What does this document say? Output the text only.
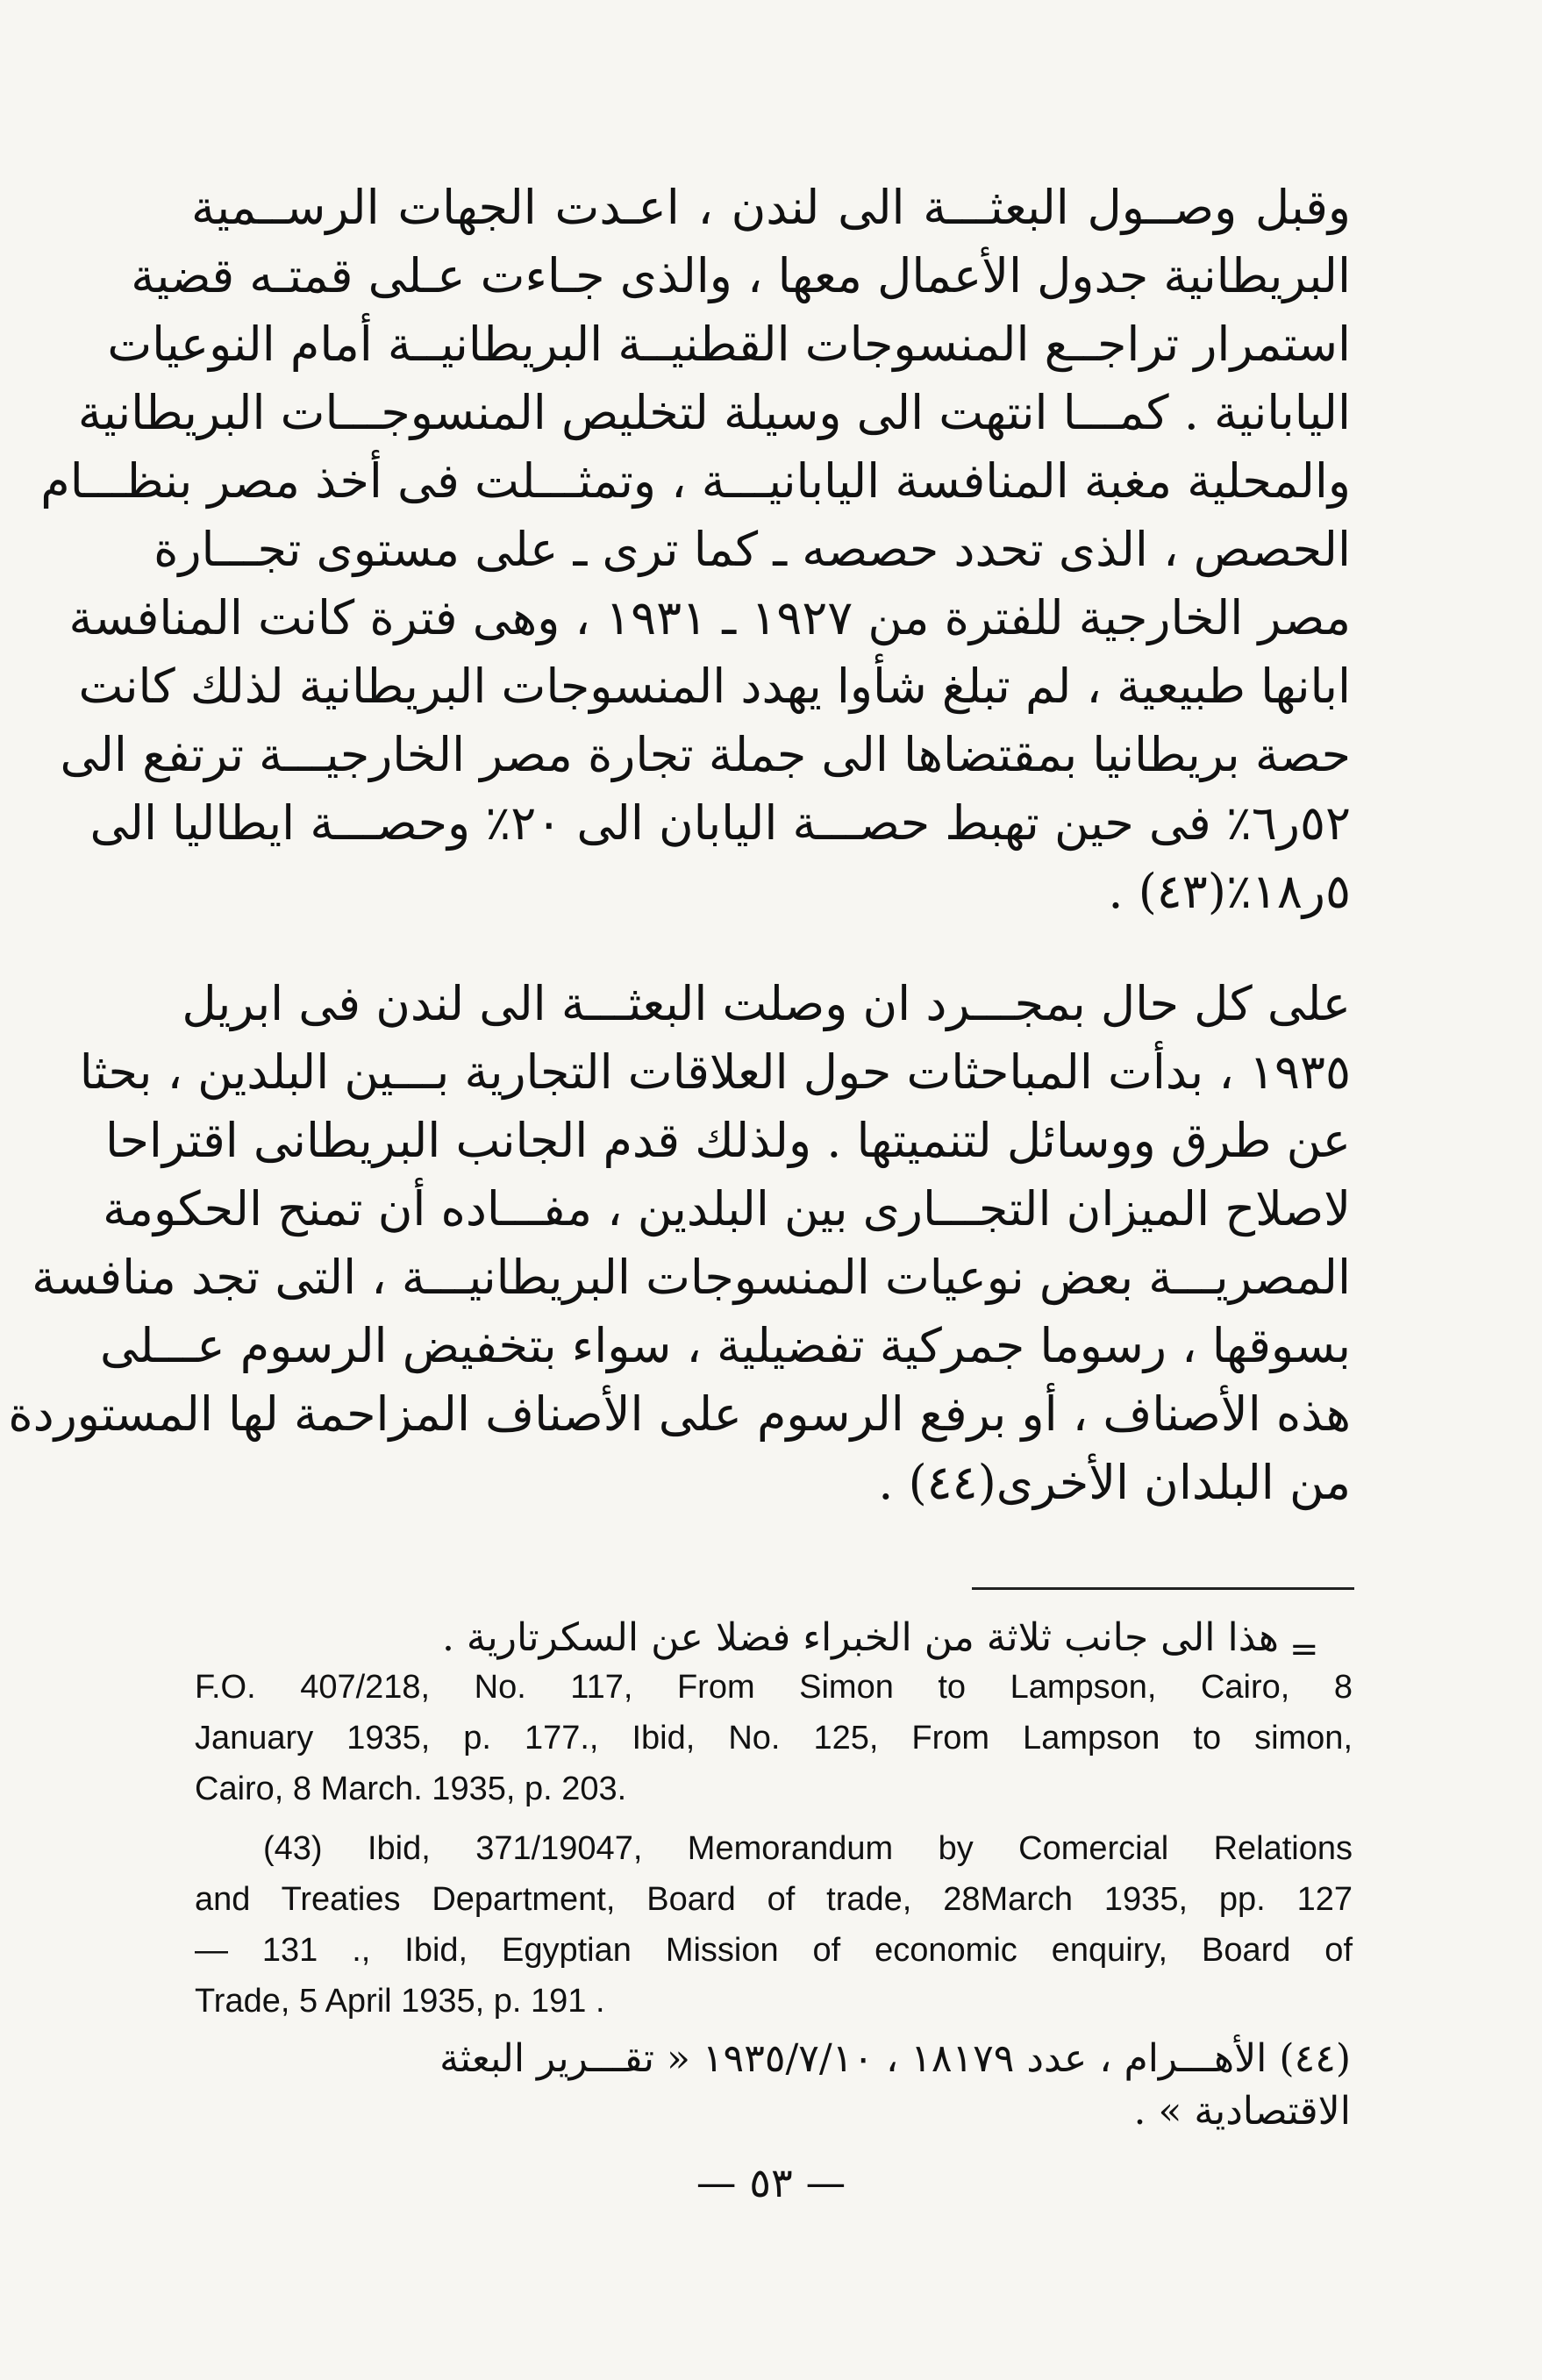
وقبل وصــول البعثـــة الى لندن ، اعـدت الجهات الرســمية
البريطانية جدول الأعمال معها ، والذى جـاءت عـلى قمتـه قضية
استمرار تراجــع المنسوجات القطنيــة البريطانيــة أمام النوعيات
اليابانية . كمـــا انتهت الى وسيلة لتخليص المنسوجـــات البريطانية
والمحلية مغبة المنافسة اليابانيـــة ، وتمثـــلت فى أخذ مصر بنظـــام
الحصص ، الذى تحدد حصصه ـ كما ترى ـ على مستوى تجـــارة
مصر الخارجية للفترة من ١٩٢٧ ـ ١٩٣١ ، وهى فترة كانت المنافسة
ابانها طبيعية ، لم تبلغ شأوا يهدد المنسوجات البريطانية لذلك كانت
حصة بريطانيا بمقتضاها الى جملة تجارة مصر الخارجيـــة ترتفع الى
٥٢ر٦٪ فى حين تهبط حصـــة اليابان الى ٢٠٪ وحصـــة ايطاليا الى
٥ر١٨٪(٤٣) .
على كل حال بمجـــرد ان وصلت البعثـــة الى لندن فى ابريل
١٩٣٥ ، بدأت المباحثات حول العلاقات التجارية بـــين البلدين ، بحثا
عن طرق ووسائل لتنميتها . ولذلك قدم الجانب البريطانى اقتراحا
لاصلاح الميزان التجـــارى بين البلدين ، مفـــاده أن تمنح الحكومة
المصريـــة بعض نوعيات المنسوجات البريطانيـــة ، التى تجد منافسة
بسوقها ، رسوما جمركية تفضيلية ، سواء بتخفيض الرسوم عـــلى
هذه الأصناف ، أو برفع الرسوم على الأصناف المزاحمة لها المستوردة
من البلدان الأخرى(٤٤) .
هذا الى جانب ثلاثة من الخبراء فضلا عن السكرتارية . =
F.O. 407/218, No. 117, From Simon to Lampson, Cairo, 8
January 1935, p. 177., Ibid, No. 125, From Lampson to simon,
Cairo, 8 March. 1935, p. 203.
(43) Ibid, 371/19047, Memorandum by Comercial Relations
and Treaties Department, Board of trade, 28March 1935, pp. 127
— 131 ., Ibid, Egyptian Mission of economic enquiry, Board of
Trade, 5 April 1935, p. 191 .
(٤٤) الأهـــرام ، عدد ١٨١٧٩ ، ١٩٣٥/٧/١٠ « تقـــرير البعثة
الاقتصادية » .
— ٥٣ —
